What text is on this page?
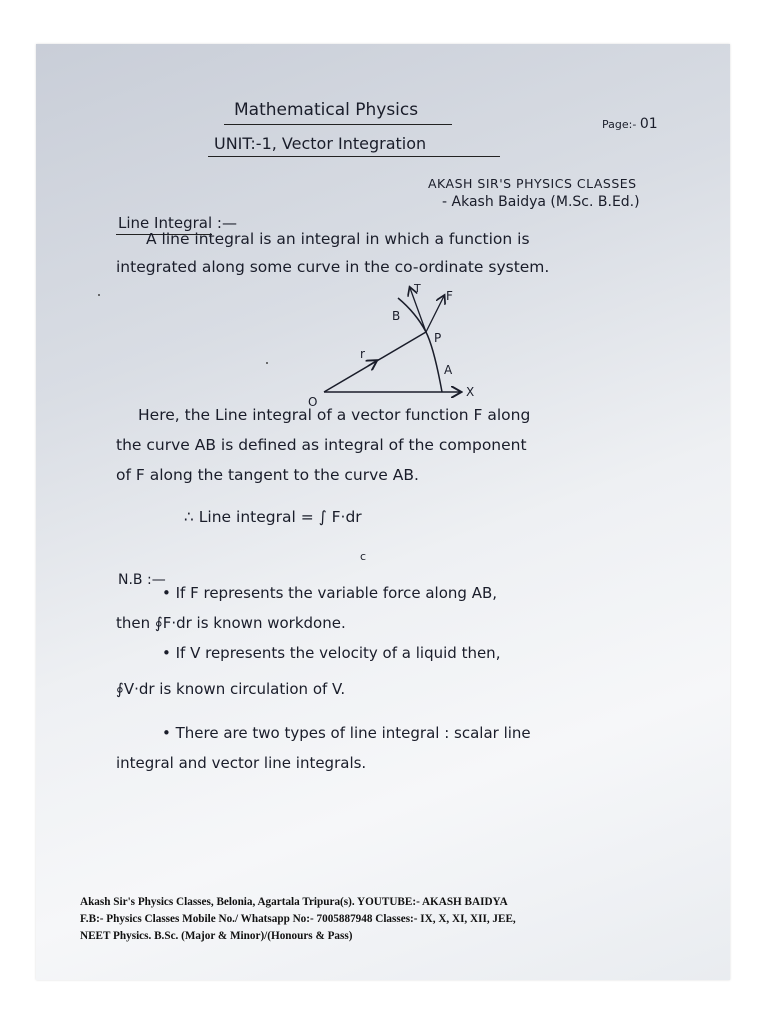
Mathematical Physics
UNIT:-1, Vector Integration
Page:- 01
AKASH SIR'S PHYSICS CLASSES
- Akash Baidya (M.Sc. B.Ed.)
Line Integral :—
A line integral is an integral in which a function is
integrated along some curve in the co-ordinate system.
T
F
B
P
r
A
O
X
Here, the Line integral of a vector function F along
the curve AB is defined as integral of the component
of F along the tangent to the curve AB.
∴ Line integral = ∫ F·dr
c
N.B :—
• If F represents the variable force along AB,
then ∮F·dr is known workdone.
• If V represents the velocity of a liquid then,
∮V·dr is known circulation of V.
• There are two types of line integral : scalar line
integral and vector line integrals.
Akash Sir's Physics Classes, Belonia, Agartala Tripura(s). YOUTUBE:- AKASH BAIDYA
F.B:- Physics Classes Mobile No./ Whatsapp No:- 7005887948 Classes:- IX, X, XI, XII, JEE,
NEET Physics. B.Sc. (Major & Minor)/(Honours & Pass)
